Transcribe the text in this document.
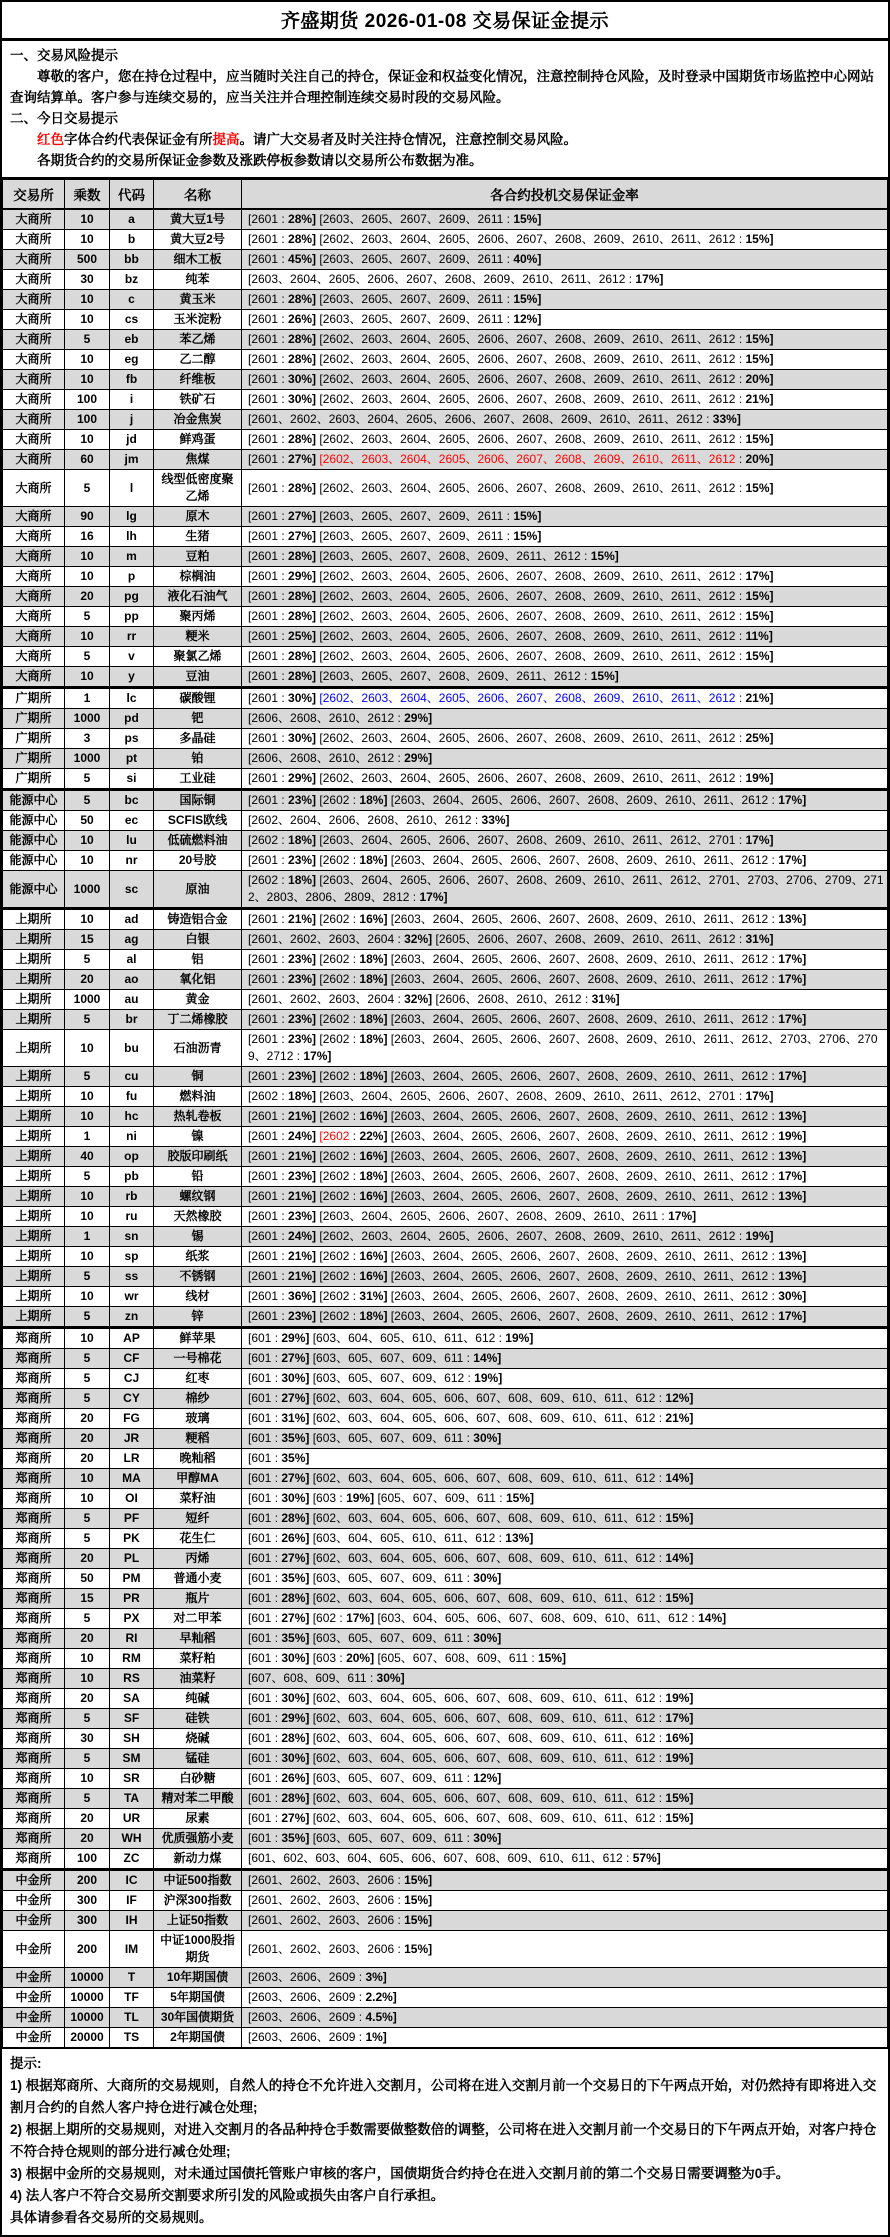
齐盛期货 2026-01-08 交易保证金提示

一、交易风险提示

尊敬的客户，您在持仓过程中，应当随时关注自己的持仓，保证金和权益变化情况，注意控制持仓风险，及时登录中国期货市场监控中心网站查询结算单。客户参与连续交易的，应当关注并合理控制连续交易时段的交易风险。

二、今日交易提示

红色字体合约代表保证金有所提高。请广大交易者及时关注持仓情况，注意控制交易风险。

各期货合约的交易所保证金参数及涨跌停板参数请以交易所公布数据为准。

交易所	乘数	代码	名称	各合约投机交易保证金率
大商所	10	a	黄大豆1号	[2601 : 28%] [2603、2605、2607、2609、2611 : 15%]
大商所	10	b	黄大豆2号	[2601 : 28%] [2602、2603、2604、2605、2606、2607、2608、2609、2610、2611、2612 : 15%]
大商所	500	bb	细木工板	[2601 : 45%] [2603、2605、2607、2609、2611 : 40%]
大商所	30	bz	纯苯	[2603、2604、2605、2606、2607、2608、2609、2610、2611、2612 : 17%]
大商所	10	c	黄玉米	[2601 : 28%] [2603、2605、2607、2609、2611 : 15%]
大商所	10	cs	玉米淀粉	[2601 : 26%] [2603、2605、2607、2609、2611 : 12%]
大商所	5	eb	苯乙烯	[2601 : 28%] [2602、2603、2604、2605、2606、2607、2608、2609、2610、2611、2612 : 15%]
大商所	10	eg	乙二醇	[2601 : 28%] [2602、2603、2604、2605、2606、2607、2608、2609、2610、2611、2612 : 15%]
大商所	10	fb	纤维板	[2601 : 30%] [2602、2603、2604、2605、2606、2607、2608、2609、2610、2611、2612 : 20%]
大商所	100	i	铁矿石	[2601 : 30%] [2602、2603、2604、2605、2606、2607、2608、2609、2610、2611、2612 : 21%]
大商所	100	j	冶金焦炭	[2601、2602、2603、2604、2605、2606、2607、2608、2609、2610、2611、2612 : 33%]
大商所	10	jd	鲜鸡蛋	[2601 : 28%] [2602、2603、2604、2605、2606、2607、2608、2609、2610、2611、2612 : 15%]
大商所	60	jm	焦煤	[2601 : 27%] [2602、2603、2604、2605、2606、2607、2608、2609、2610、2611、2612 : 20%]
大商所	5	l	线型低密度聚乙烯	[2601 : 28%] [2602、2603、2604、2605、2606、2607、2608、2609、2610、2611、2612 : 15%]
大商所	90	lg	原木	[2601 : 27%] [2603、2605、2607、2609、2611 : 15%]
大商所	16	lh	生猪	[2601 : 27%] [2603、2605、2607、2609、2611 : 15%]
大商所	10	m	豆粕	[2601 : 28%] [2603、2605、2607、2608、2609、2611、2612 : 15%]
大商所	10	p	棕榈油	[2601 : 29%] [2602、2603、2604、2605、2606、2607、2608、2609、2610、2611、2612 : 17%]
大商所	20	pg	液化石油气	[2601 : 28%] [2602、2603、2604、2605、2606、2607、2608、2609、2610、2611、2612 : 15%]
大商所	5	pp	聚丙烯	[2601 : 28%] [2602、2603、2604、2605、2606、2607、2608、2609、2610、2611、2612 : 15%]
大商所	10	rr	粳米	[2601 : 25%] [2602、2603、2604、2605、2606、2607、2608、2609、2610、2611、2612 : 11%]
大商所	5	v	聚氯乙烯	[2601 : 28%] [2602、2603、2604、2605、2606、2607、2608、2609、2610、2611、2612 : 15%]
大商所	10	y	豆油	[2601 : 28%] [2603、2605、2607、2608、2609、2611、2612 : 15%]
广期所	1	lc	碳酸锂	[2601 : 30%] [2602、2603、2604、2605、2606、2607、2608、2609、2610、2611、2612 : 21%]
广期所	1000	pd	钯	[2606、2608、2610、2612 : 29%]
广期所	3	ps	多晶硅	[2601 : 30%] [2602、2603、2604、2605、2606、2607、2608、2609、2610、2611、2612 : 25%]
广期所	1000	pt	铂	[2606、2608、2610、2612 : 29%]
广期所	5	si	工业硅	[2601 : 29%] [2602、2603、2604、2605、2606、2607、2608、2609、2610、2611、2612 : 19%]
能源中心	5	bc	国际铜	[2601 : 23%] [2602 : 18%] [2603、2604、2605、2606、2607、2608、2609、2610、2611、2612 : 17%]
能源中心	50	ec	SCFIS欧线	[2602、2604、2606、2608、2610、2612 : 33%]
能源中心	10	lu	低硫燃料油	[2602 : 18%] [2603、2604、2605、2606、2607、2608、2609、2610、2611、2612、2701 : 17%]
能源中心	10	nr	20号胶	[2601 : 23%] [2602 : 18%] [2603、2604、2605、2606、2607、2608、2609、2610、2611、2612 : 17%]
能源中心	1000	sc	原油	[2602 : 18%] [2603、2604、2605、2606、2607、2608、2609、2610、2611、2612、2701、2703、2706、2709、2712、2803、2806、2809、2812 : 17%]
上期所	10	ad	铸造铝合金	[2601 : 21%] [2602 : 16%] [2603、2604、2605、2606、2607、2608、2609、2610、2611、2612 : 13%]
上期所	15	ag	白银	[2601、2602、2603、2604 : 32%] [2605、2606、2607、2608、2609、2610、2611、2612 : 31%]
上期所	5	al	铝	[2601 : 23%] [2602 : 18%] [2603、2604、2605、2606、2607、2608、2609、2610、2611、2612 : 17%]
上期所	20	ao	氧化铝	[2601 : 23%] [2602 : 18%] [2603、2604、2605、2606、2607、2608、2609、2610、2611、2612 : 17%]
上期所	1000	au	黄金	[2601、2602、2603、2604 : 32%] [2606、2608、2610、2612 : 31%]
上期所	5	br	丁二烯橡胶	[2601 : 23%] [2602 : 18%] [2603、2604、2605、2606、2607、2608、2609、2610、2611、2612 : 17%]
上期所	10	bu	石油沥青	[2601 : 23%] [2602 : 18%] [2603、2604、2605、2606、2607、2608、2609、2610、2611、2612、2703、2706、2709、2712 : 17%]
上期所	5	cu	铜	[2601 : 23%] [2602 : 18%] [2603、2604、2605、2606、2607、2608、2609、2610、2611、2612 : 17%]
上期所	10	fu	燃料油	[2602 : 18%] [2603、2604、2605、2606、2607、2608、2609、2610、2611、2612、2701 : 17%]
上期所	10	hc	热轧卷板	[2601 : 21%] [2602 : 16%] [2603、2604、2605、2606、2607、2608、2609、2610、2611、2612 : 13%]
上期所	1	ni	镍	[2601 : 24%] [2602 : 22%] [2603、2604、2605、2606、2607、2608、2609、2610、2611、2612 : 19%]
上期所	40	op	胶版印刷纸	[2601 : 21%] [2602 : 16%] [2603、2604、2605、2606、2607、2608、2609、2610、2611、2612 : 13%]
上期所	5	pb	铅	[2601 : 23%] [2602 : 18%] [2603、2604、2605、2606、2607、2608、2609、2610、2611、2612 : 17%]
上期所	10	rb	螺纹钢	[2601 : 21%] [2602 : 16%] [2603、2604、2605、2606、2607、2608、2609、2610、2611、2612 : 13%]
上期所	10	ru	天然橡胶	[2601 : 23%] [2603、2604、2605、2606、2607、2608、2609、2610、2611 : 17%]
上期所	1	sn	锡	[2601 : 24%] [2602、2603、2604、2605、2606、2607、2608、2609、2610、2611、2612 : 19%]
上期所	10	sp	纸浆	[2601 : 21%] [2602 : 16%] [2603、2604、2605、2606、2607、2608、2609、2610、2611、2612 : 13%]
上期所	5	ss	不锈钢	[2601 : 21%] [2602 : 16%] [2603、2604、2605、2606、2607、2608、2609、2610、2611、2612 : 13%]
上期所	10	wr	线材	[2601 : 36%] [2602 : 31%] [2603、2604、2605、2606、2607、2608、2609、2610、2611、2612 : 30%]
上期所	5	zn	锌	[2601 : 23%] [2602 : 18%] [2603、2604、2605、2606、2607、2608、2609、2610、2611、2612 : 17%]
郑商所	10	AP	鲜苹果	[601 : 29%] [603、604、605、610、611、612 : 19%]
郑商所	5	CF	一号棉花	[601 : 27%] [603、605、607、609、611 : 14%]
郑商所	5	CJ	红枣	[601 : 30%] [603、605、607、609、612 : 19%]
郑商所	5	CY	棉纱	[601 : 27%] [602、603、604、605、606、607、608、609、610、611、612 : 12%]
郑商所	20	FG	玻璃	[601 : 31%] [602、603、604、605、606、607、608、609、610、611、612 : 21%]
郑商所	20	JR	粳稻	[601 : 35%] [603、605、607、609、611 : 30%]
郑商所	20	LR	晚籼稻	[601 : 35%]
郑商所	10	MA	甲醇MA	[601 : 27%] [602、603、604、605、606、607、608、609、610、611、612 : 14%]
郑商所	10	OI	菜籽油	[601 : 30%] [603 : 19%] [605、607、609、611 : 15%]
郑商所	5	PF	短纤	[601 : 28%] [602、603、604、605、606、607、608、609、610、611、612 : 15%]
郑商所	5	PK	花生仁	[601 : 26%] [603、604、605、610、611、612 : 13%]
郑商所	20	PL	丙烯	[601 : 27%] [602、603、604、605、606、607、608、609、610、611、612 : 14%]
郑商所	50	PM	普通小麦	[601 : 35%] [603、605、607、609、611 : 30%]
郑商所	15	PR	瓶片	[601 : 28%] [602、603、604、605、606、607、608、609、610、611、612 : 15%]
郑商所	5	PX	对二甲苯	[601 : 27%] [602 : 17%] [603、604、605、606、607、608、609、610、611、612 : 14%]
郑商所	20	RI	早籼稻	[601 : 35%] [603、605、607、609、611 : 30%]
郑商所	10	RM	菜籽粕	[601 : 30%] [603 : 20%] [605、607、608、609、611 : 15%]
郑商所	10	RS	油菜籽	[607、608、609、611 : 30%]
郑商所	20	SA	纯碱	[601 : 30%] [602、603、604、605、606、607、608、609、610、611、612 : 19%]
郑商所	5	SF	硅铁	[601 : 29%] [602、603、604、605、606、607、608、609、610、611、612 : 17%]
郑商所	30	SH	烧碱	[601 : 28%] [602、603、604、605、606、607、608、609、610、611、612 : 16%]
郑商所	5	SM	锰硅	[601 : 30%] [602、603、604、605、606、607、608、609、610、611、612 : 19%]
郑商所	10	SR	白砂糖	[601 : 26%] [603、605、607、609、611 : 12%]
郑商所	5	TA	精对苯二甲酸	[601 : 28%] [602、603、604、605、606、607、608、609、610、611、612 : 15%]
郑商所	20	UR	尿素	[601 : 27%] [602、603、604、605、606、607、608、609、610、611、612 : 15%]
郑商所	20	WH	优质强筋小麦	[601 : 35%] [603、605、607、609、611 : 30%]
郑商所	100	ZC	新动力煤	[601、602、603、604、605、606、607、608、609、610、611、612 : 57%]
中金所	200	IC	中证500指数	[2601、2602、2603、2606 : 15%]
中金所	300	IF	沪深300指数	[2601、2602、2603、2606 : 15%]
中金所	300	IH	上证50指数	[2601、2602、2603、2606 : 15%]
中金所	200	IM	中证1000股指期货	[2601、2602、2603、2606 : 15%]
中金所	10000	T	10年期国债	[2603、2606、2609 : 3%]
中金所	10000	TF	5年期国债	[2603、2606、2609 : 2.2%]
中金所	10000	TL	30年国债期货	[2603、2606、2609 : 4.5%]
中金所	20000	TS	2年期国债	[2603、2606、2609 : 1%]

提示:

1) 根据郑商所、大商所的交易规则，自然人的持仓不允许进入交割月，公司将在进入交割月前一个交易日的下午两点开始，对仍然持有即将进入交割月合约的自然人客户持仓进行减仓处理;

2) 根据上期所的交易规则，对进入交割月的各品种持仓手数需要做整数倍的调整，公司将在进入交割月前一个交易日的下午两点开始，对客户持仓不符合持仓规则的部分进行减仓处理;

3) 根据中金所的交易规则，对未通过国债托管账户审核的客户，国债期货合约持仓在进入交割月前的第二个交易日需要调整为0手。

4) 法人客户不符合交易所交割要求所引发的风险或损失由客户自行承担。

具体请参看各交易所的交易规则。
